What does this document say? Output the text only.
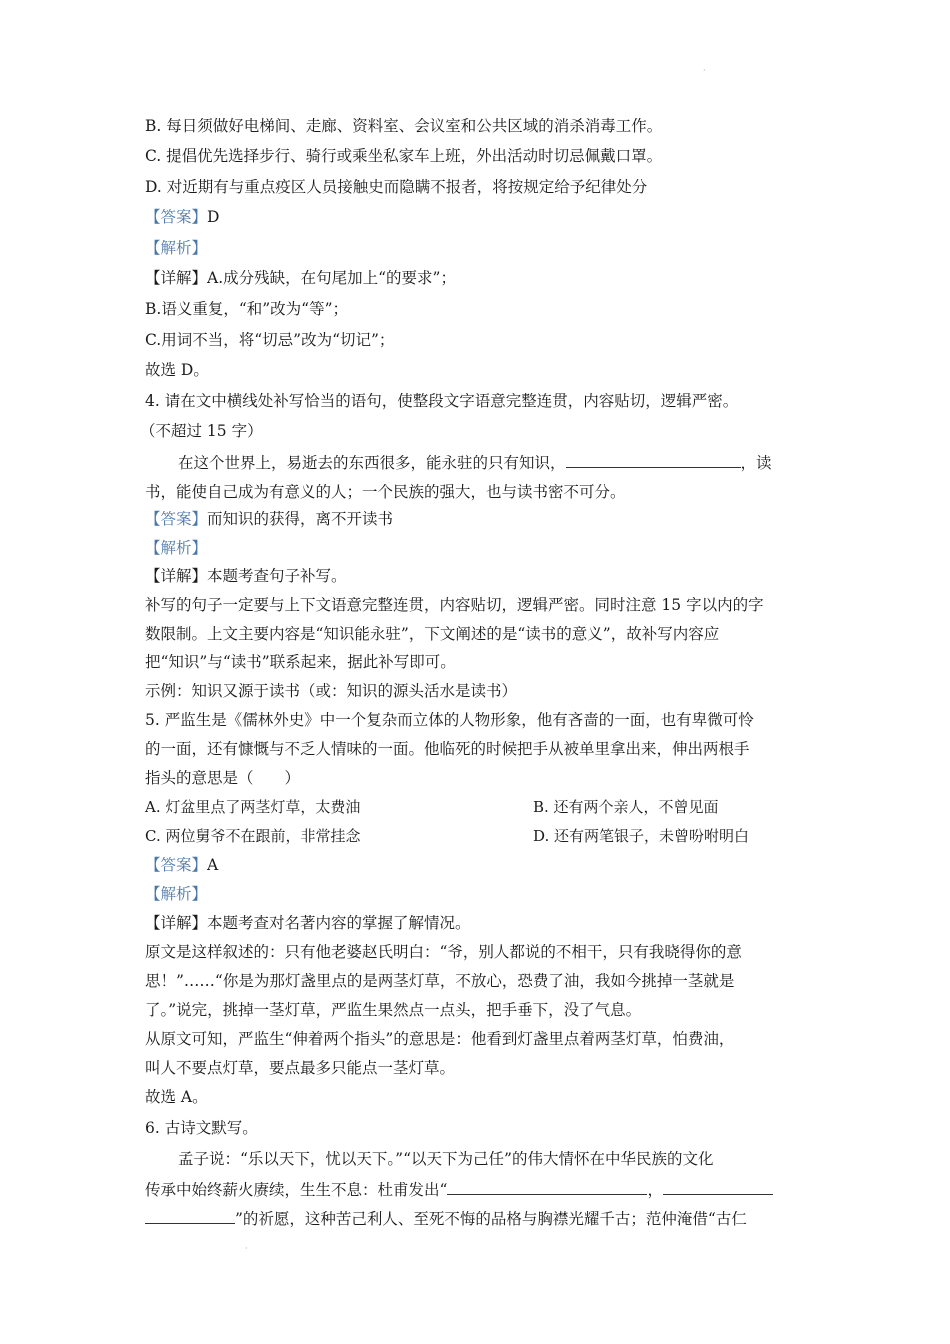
·
B. 每日须做好电梯间、走廊、资料室、会议室和公共区域的消杀消毒工作。
C. 提倡优先选择步行、骑行或乘坐私家车上班，外出活动时切忌佩戴口罩。
D. 对近期有与重点疫区人员接触史而隐瞒不报者，将按规定给予纪律处分
【答案】D
【解析】
【详解】A.成分残缺，在句尾加上“的要求”；
B.语义重复，“和”改为“等”；
C.用词不当，将“切忌”改为“切记”；
故选 D。
4. 请在文中横线处补写恰当的语句，使整段文字语意完整连贯，内容贴切，逻辑严密。
（不超过 15 字）
在这个世界上，易逝去的东西很多，能永驻的只有知识，	，读
书，能使自己成为有意义的人；一个民族的强大，也与读书密不可分。
【答案】而知识的获得，离不开读书
【解析】
【详解】本题考查句子补写。
补写的句子一定要与上下文语意完整连贯，内容贴切，逻辑严密。同时注意 15 字以内的字
数限制。上文主要内容是“知识能永驻”，下文阐述的是“读书的意义”，故补写内容应
把“知识”与“读书”联系起来，据此补写即可。
示例：知识又源于读书（或：知识的源头活水是读书）
5. 严监生是《儒林外史》中一个复杂而立体的人物形象，他有吝啬的一面，也有卑微可怜
的一面，还有慷慨与不乏人情味的一面。他临死的时候把手从被单里拿出来，伸出两根手
指头的意思是（　　）
A. 灯盆里点了两茎灯草，太费油	B. 还有两个亲人，不曾见面
C. 两位舅爷不在跟前，非常挂念	D. 还有两笔银子，未曾吩咐明白
【答案】A
【解析】
【详解】本题考查对名著内容的掌握了解情况。
原文是这样叙述的：只有他老婆赵氏明白：“爷，别人都说的不相干，只有我晓得你的意
思！”……“你是为那灯盏里点的是两茎灯草，不放心，恐费了油，我如今挑掉一茎就是
了。”说完，挑掉一茎灯草，严监生果然点一点头，把手垂下，没了气息。
从原文可知，严监生“伸着两个指头”的意思是：他看到灯盏里点着两茎灯草，怕费油，
叫人不要点灯草，要点最多只能点一茎灯草。
故选 A。
6. 古诗文默写。
孟子说：“乐以天下，忧以天下。”“以天下为己任”的伟大情怀在中华民族的文化
传承中始终薪火赓续，生生不息：杜甫发出“	，
”的祈愿，这种苦己利人、至死不悔的品格与胸襟光耀千古；范仲淹借“古仁
·
